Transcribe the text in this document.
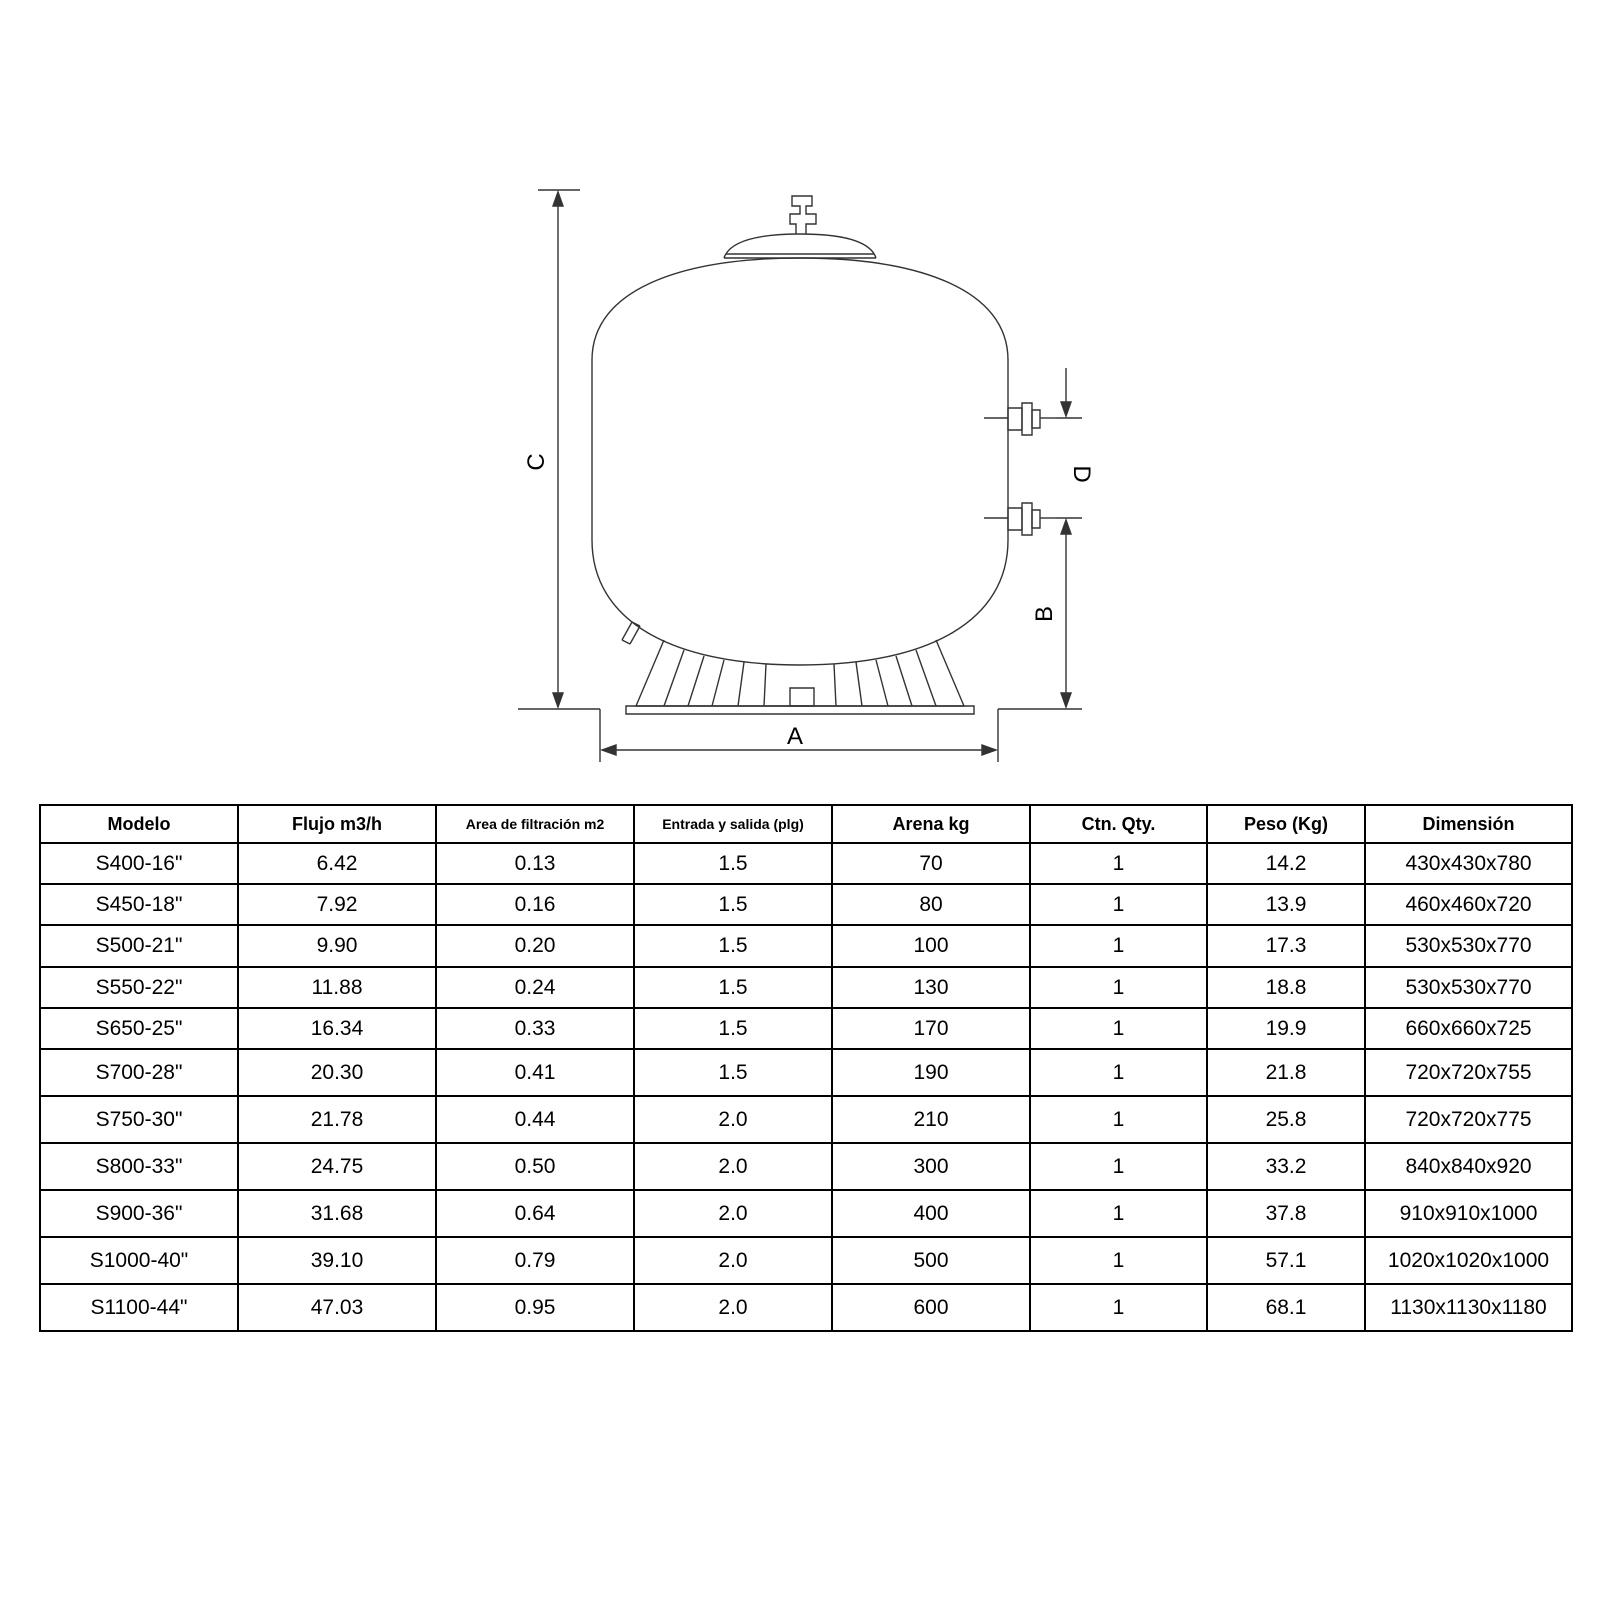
C
A
D
B
Modelo	Flujo m3/h	Area de filtración m2	Entrada y salida (plg)	Arena kg	Ctn. Qty.	Peso (Kg)	Dimensión
S400-16"	6.42	0.13	1.5	70	1	14.2	430x430x780
S450-18"	7.92	0.16	1.5	80	1	13.9	460x460x720
S500-21"	9.90	0.20	1.5	100	1	17.3	530x530x770
S550-22"	11.88	0.24	1.5	130	1	18.8	530x530x770
S650-25"	16.34	0.33	1.5	170	1	19.9	660x660x725
S700-28"	20.30	0.41	1.5	190	1	21.8	720x720x755
S750-30"	21.78	0.44	2.0	210	1	25.8	720x720x775
S800-33"	24.75	0.50	2.0	300	1	33.2	840x840x920
S900-36"	31.68	0.64	2.0	400	1	37.8	910x910x1000
S1000-40"	39.10	0.79	2.0	500	1	57.1	1020x1020x1000
S1100-44"	47.03	0.95	2.0	600	1	68.1	1130x1130x1180
